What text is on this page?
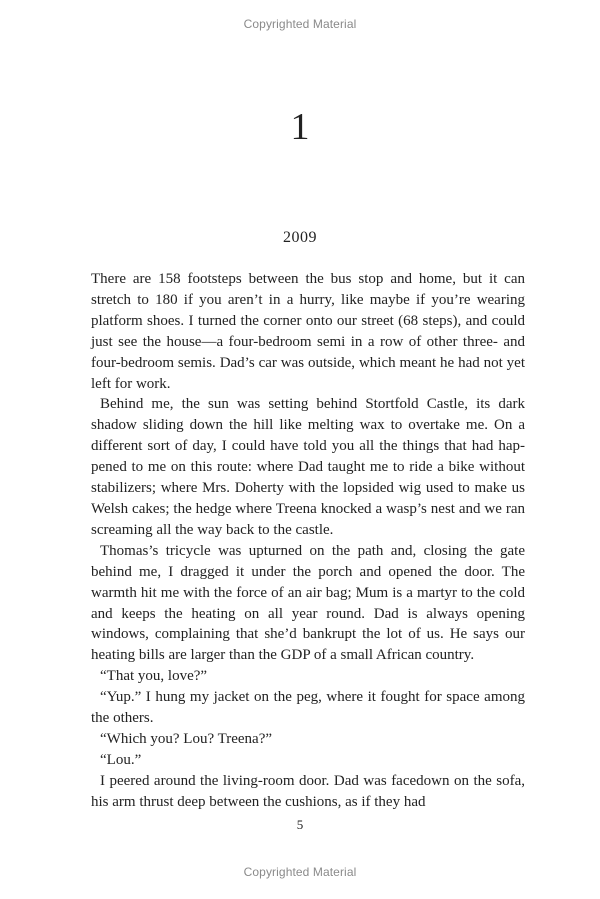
Copyrighted Material
1
2009

There are 158 footsteps between the bus stop and home, but it can stretch to 180 if you aren’t in a hurry, like maybe if you’re wearing platform shoes. I turned the corner onto our street (68 steps), and could just see the house—a four-bedroom semi in a row of other three- and four-bedroom semis. Dad’s car was outside, which meant he had not yet left for work.

Behind me, the sun was setting behind Stortfold Castle, its dark shadow sliding down the hill like melting wax to overtake me. On a different sort of day, I could have told you all the things that had happened to me on this route: where Dad taught me to ride a bike without stabilizers; where Mrs. Doherty with the lopsided wig used to make us Welsh cakes; the hedge where Treena knocked a wasp’s nest and we ran screaming all the way back to the castle.

Thomas’s tricycle was upturned on the path and, closing the gate behind me, I dragged it under the porch and opened the door. The warmth hit me with the force of an air bag; Mum is a martyr to the cold and keeps the heating on all year round. Dad is always opening windows, complaining that she’d bankrupt the lot of us. He says our heating bills are larger than the GDP of a small African country.

“That you, love?”

“Yup.” I hung my jacket on the peg, where it fought for space among the others.

“Which you? Lou? Treena?”

“Lou.”

I peered around the living-room door. Dad was facedown on the sofa, his arm thrust deep between the cushions, as if they had

5
Copyrighted Material
